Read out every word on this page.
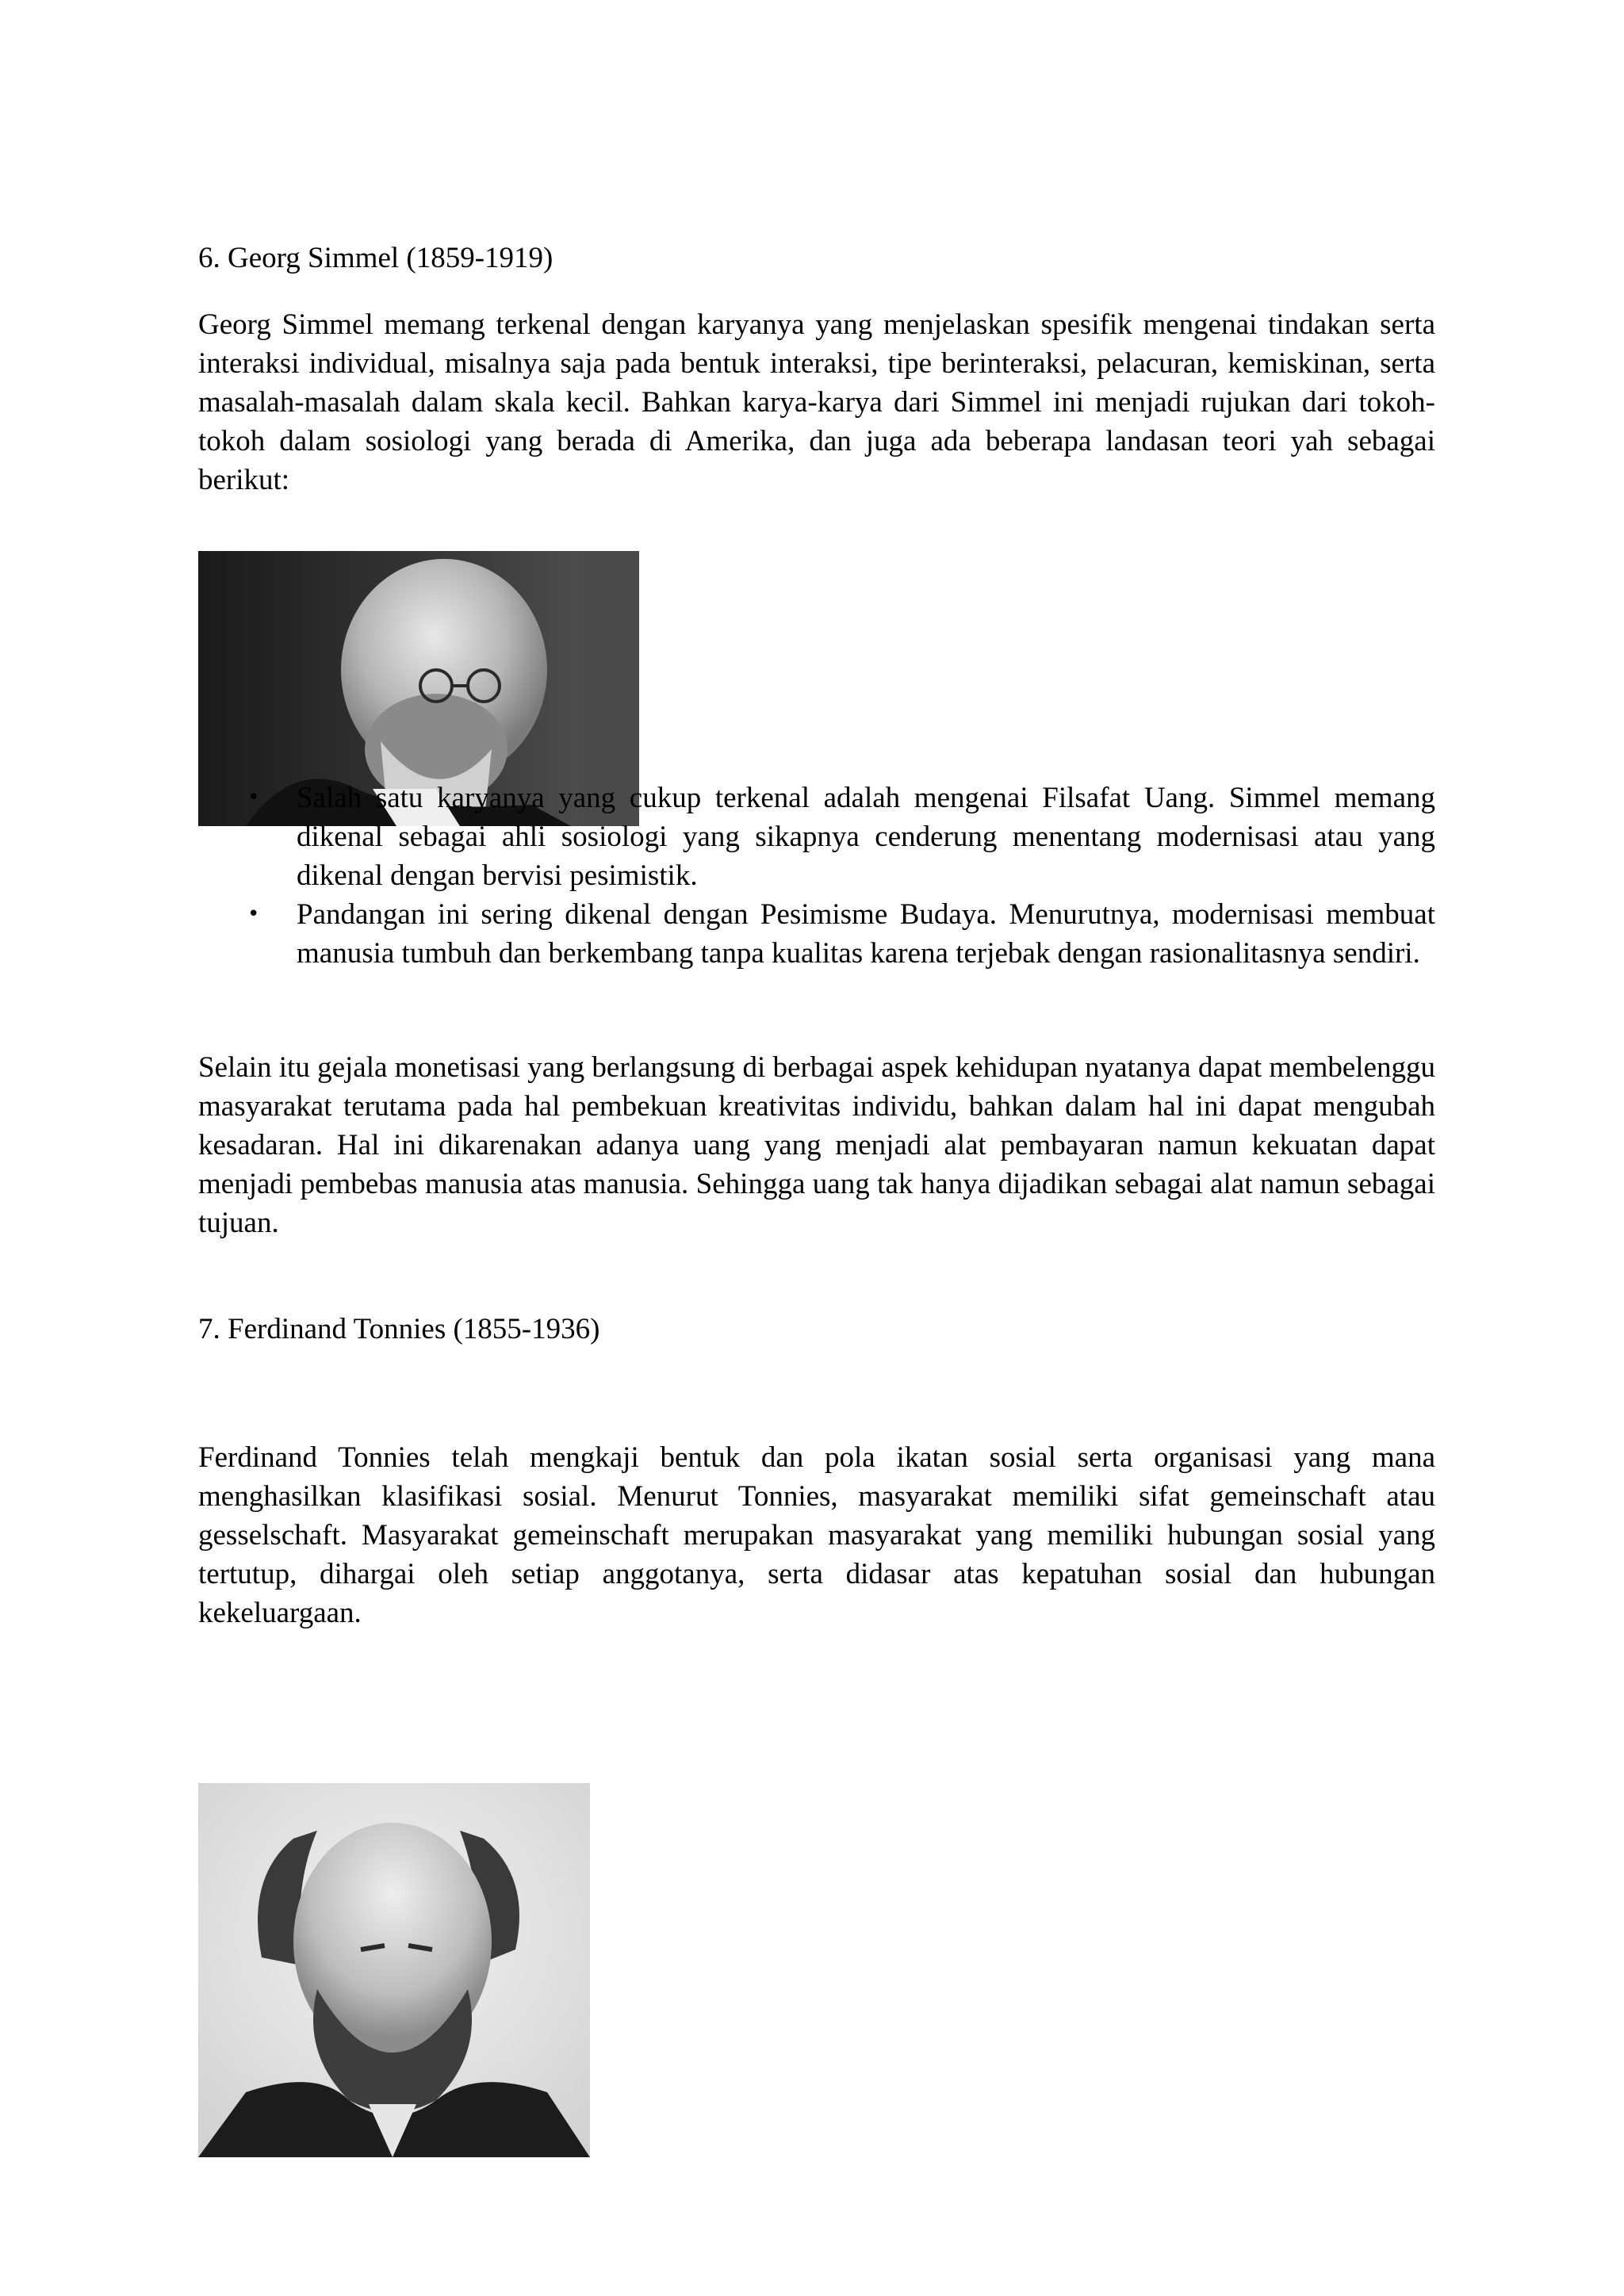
6. Georg Simmel (1859-1919)

Georg Simmel memang terkenal dengan karyanya yang menjelaskan spesifik mengenai tindakan serta interaksi individual, misalnya saja pada bentuk interaksi, tipe berinteraksi, pelacuran, kemiskinan, serta masalah-masalah dalam skala kecil. Bahkan karya-karya dari Simmel ini menjadi rujukan dari tokoh-tokoh dalam sosiologi yang berada di Amerika, dan juga ada beberapa landasan teori yah sebagai berikut:

• Salah satu karyanya yang cukup terkenal adalah mengenai Filsafat Uang. Simmel memang dikenal sebagai ahli sosiologi yang sikapnya cenderung menentang modernisasi atau yang dikenal dengan bervisi pesimistik.
• Pandangan ini sering dikenal dengan Pesimisme Budaya. Menurutnya, modernisasi membuat manusia tumbuh dan berkembang tanpa kualitas karena terjebak dengan rasionalitasnya sendiri.

Selain itu gejala monetisasi yang berlangsung di berbagai aspek kehidupan nyatanya dapat membelenggu masyarakat terutama pada hal pembekuan kreativitas individu, bahkan dalam hal ini dapat mengubah kesadaran. Hal ini dikarenakan adanya uang yang menjadi alat pembayaran namun kekuatan dapat menjadi pembebas manusia atas manusia. Sehingga uang tak hanya dijadikan sebagai alat namun sebagai tujuan.

7. Ferdinand Tonnies (1855-1936)

Ferdinand Tonnies telah mengkaji bentuk dan pola ikatan sosial serta organisasi yang mana menghasilkan klasifikasi sosial. Menurut Tonnies, masyarakat memiliki sifat gemeinschaft atau gesselschaft. Masyarakat gemeinschaft merupakan masyarakat yang memiliki hubungan sosial yang tertutup, dihargai oleh setiap anggotanya, serta didasar atas kepatuhan sosial dan hubungan kekeluargaan.
